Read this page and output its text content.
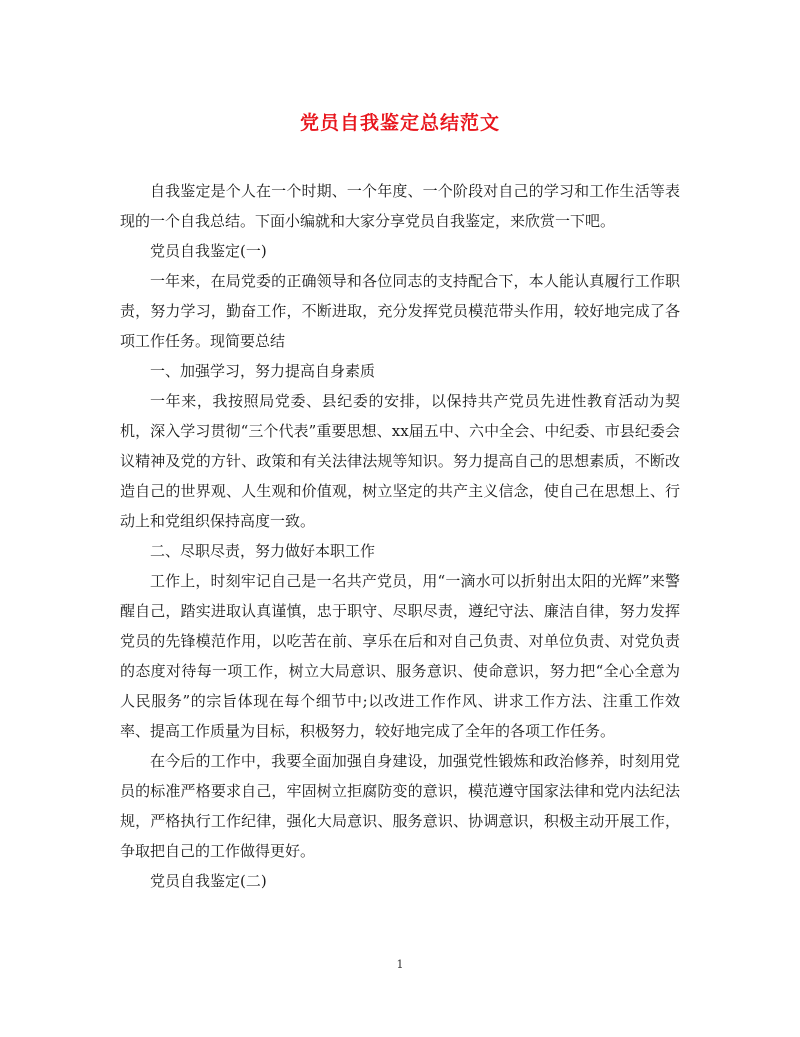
党员自我鉴定总结范文

自我鉴定是个人在一个时期、一个年度、一个阶段对自己的学习和工作生活等表现的一个自我总结。下面小编就和大家分享党员自我鉴定，来欣赏一下吧。

党员自我鉴定(一)

一年来，在局党委的正确领导和各位同志的支持配合下，本人能认真履行工作职责，努力学习，勤奋工作，不断进取，充分发挥党员模范带头作用，较好地完成了各项工作任务。现简要总结

一、加强学习，努力提高自身素质

一年来，我按照局党委、县纪委的安排，以保持共产党员先进性教育活动为契机，深入学习贯彻“三个代表”重要思想、xx届五中、六中全会、中纪委、市县纪委会议精神及党的方针、政策和有关法律法规等知识。努力提高自己的思想素质，不断改造自己的世界观、人生观和价值观，树立坚定的共产主义信念，使自己在思想上、行动上和党组织保持高度一致。

二、尽职尽责，努力做好本职工作

工作上，时刻牢记自己是一名共产党员，用“一滴水可以折射出太阳的光辉”来警醒自己，踏实进取认真谨慎，忠于职守、尽职尽责，遵纪守法、廉洁自律，努力发挥党员的先锋模范作用，以吃苦在前、享乐在后和对自己负责、对单位负责、对党负责的态度对待每一项工作，树立大局意识、服务意识、使命意识，努力把“全心全意为人民服务”的宗旨体现在每个细节中;以改进工作作风、讲求工作方法、注重工作效率、提高工作质量为目标，积极努力，较好地完成了全年的各项工作任务。

在今后的工作中，我要全面加强自身建设，加强党性锻炼和政治修养，时刻用党员的标准严格要求自己，牢固树立拒腐防变的意识，模范遵守国家法律和党内法纪法规，严格执行工作纪律，强化大局意识、服务意识、协调意识，积极主动开展工作，争取把自己的工作做得更好。

党员自我鉴定(二)

1
